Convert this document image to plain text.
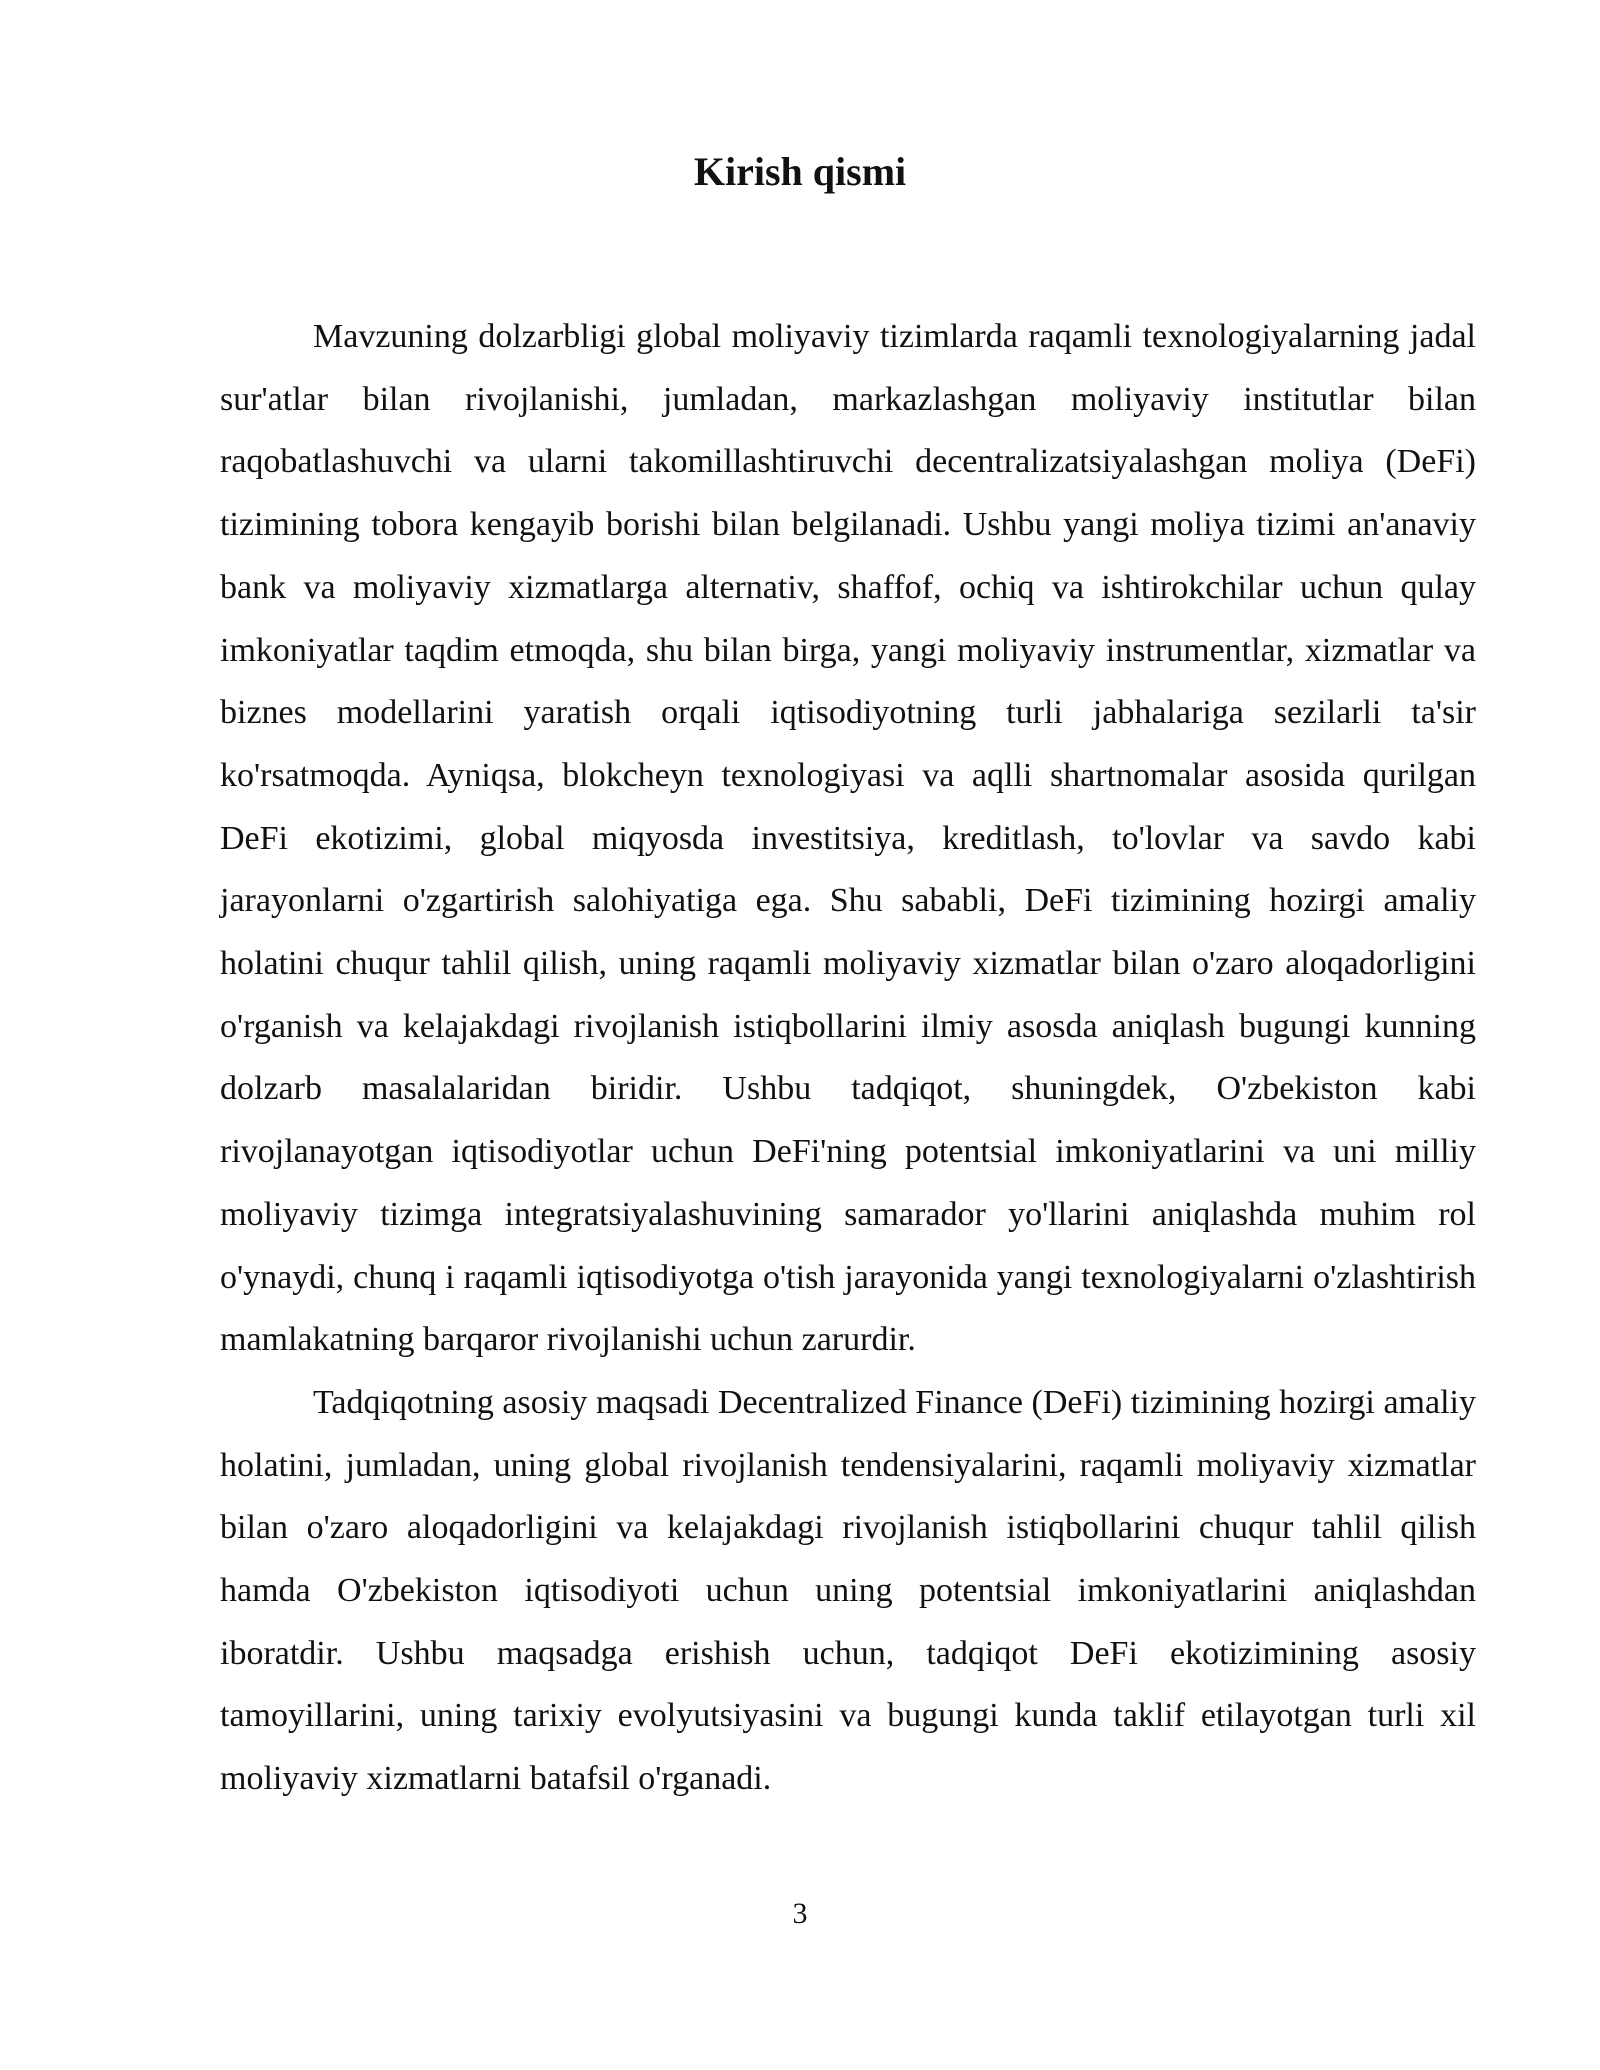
Kirish qismi

Mavzuning dolzarbligi global moliyaviy tizimlarda raqamli texnologiyalarning jadal sur'atlar bilan rivojlanishi, jumladan, markazlashgan moliyaviy institutlar bilan raqobatlashuvchi va ularni takomillashtiruvchi decentralizatsiyalashgan moliya (DeFi) tizimining tobora kengayib borishi bilan belgilanadi. Ushbu yangi moliya tizimi an'anaviy bank va moliyaviy xizmatlarga alternativ, shaffof, ochiq va ishtirokchilar uchun qulay imkoniyatlar taqdim etmoqda, shu bilan birga, yangi moliyaviy instrumentlar, xizmatlar va biznes modellarini yaratish orqali iqtisodiyotning turli jabhalariga sezilarli ta'sir ko'rsatmoqda. Ayniqsa, blokcheyn texnologiyasi va aqlli shartnomalar asosida qurilgan DeFi ekotizimi, global miqyosda investitsiya, kreditlash, to'lovlar va savdo kabi jarayonlarni o'zgartirish salohiyatiga ega. Shu sababli, DeFi tizimining hozirgi amaliy holatini chuqur tahlil qilish, uning raqamli moliyaviy xizmatlar bilan o'zaro aloqadorligini o'rganish va kelajakdagi rivojlanish istiqbollarini ilmiy asosda aniqlash bugungi kunning dolzarb masalalaridan biridir. Ushbu tadqiqot, shuningdek, O'zbekiston kabi rivojlanayotgan iqtisodiyotlar uchun DeFi'ning potentsial imkoniyatlarini va uni milliy moliyaviy tizimga integratsiyalashuvining samarador yo'llarini aniqlashda muhim rol o'ynaydi, chunq i raqamli iqtisodiyotga o'tish jarayonida yangi texnologiyalarni o'zlashtirish mamlakatning barqaror rivojlanishi uchun zarurdir.

Tadqiqotning asosiy maqsadi Decentralized Finance (DeFi) tizimining hozirgi amaliy holatini, jumladan, uning global rivojlanish tendensiyalarini, raqamli moliyaviy xizmatlar bilan o'zaro aloqadorligini va kelajakdagi rivojlanish istiqbollarini chuqur tahlil qilish hamda O'zbekiston iqtisodiyoti uchun uning potentsial imkoniyatlarini aniqlashdan iboratdir. Ushbu maqsadga erishish uchun, tadqiqot DeFi ekotizimining asosiy tamoyillarini, uning tarixiy evolyutsiyasini va bugungi kunda taklif etilayotgan turli xil moliyaviy xizmatlarni batafsil o'rganadi.

3
